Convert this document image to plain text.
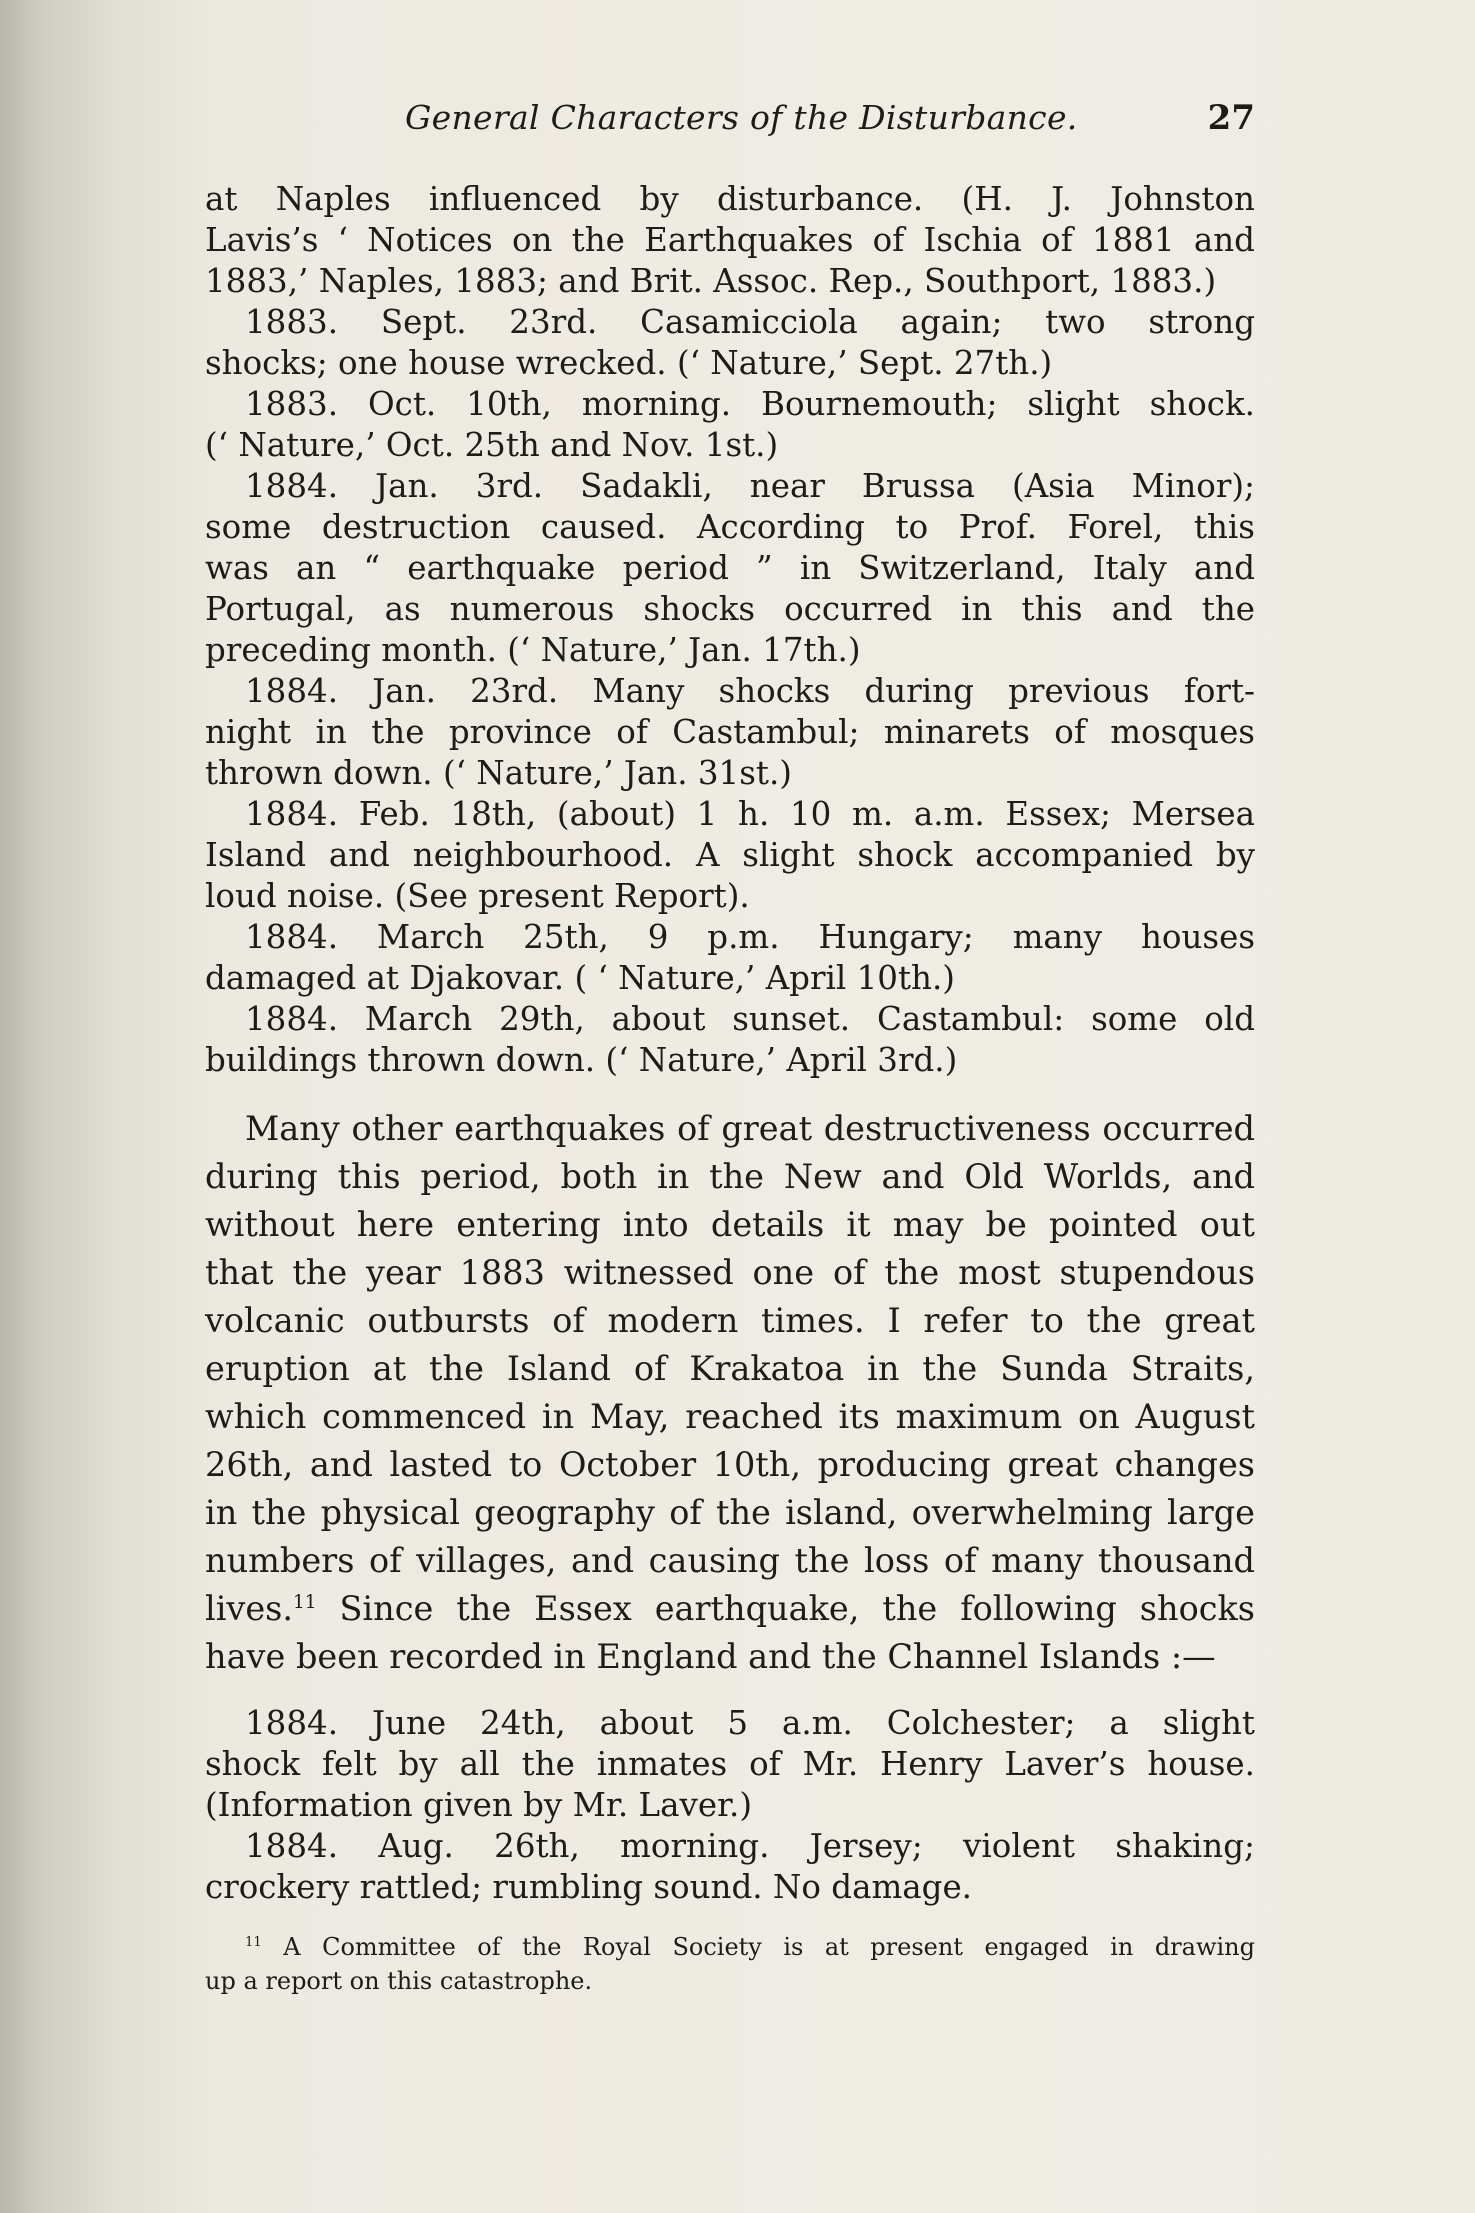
General Characters of the Disturbance.	27
at Naples influenced by disturbance. (H. J. Johnston
Lavis’s ‘ Notices on the Earthquakes of Ischia of 1881 and
1883,’ Naples, 1883; and Brit. Assoc. Rep., Southport, 1883.)
1883. Sept. 23rd. Casamicciola again; two strong
shocks; one house wrecked. (‘ Nature,’ Sept. 27th.)
1883. Oct. 10th, morning. Bournemouth; slight shock.
(‘ Nature,’ Oct. 25th and Nov. 1st.)
1884. Jan. 3rd. Sadakli, near Brussa (Asia Minor);
some destruction caused. According to Prof. Forel, this
was an “ earthquake period ” in Switzerland, Italy and
Portugal, as numerous shocks occurred in this and the
preceding month. (‘ Nature,’ Jan. 17th.)
1884. Jan. 23rd. Many shocks during previous fort-
night in the province of Castambul; minarets of mosques
thrown down. (‘ Nature,’ Jan. 31st.)
1884. Feb. 18th, (about) 1 h. 10 m. a.m. Essex; Mersea
Island and neighbourhood. A slight shock accompanied by
loud noise. (See present Report).
1884. March 25th, 9 p.m. Hungary; many houses
damaged at Djakovar. ( ‘ Nature,’ April 10th.)
1884. March 29th, about sunset. Castambul: some old
buildings thrown down. (‘ Nature,’ April 3rd.)
Many other earthquakes of great destructiveness occurred
during this period, both in the New and Old Worlds, and
without here entering into details it may be pointed out
that the year 1883 witnessed one of the most stupendous
volcanic outbursts of modern times. I refer to the great
eruption at the Island of Krakatoa in the Sunda Straits,
which commenced in May, reached its maximum on August
26th, and lasted to October 10th, producing great changes
in the physical geography of the island, overwhelming large
numbers of villages, and causing the loss of many thousand
lives.$^{11}$ Since the Essex earthquake, the following shocks
have been recorded in England and the Channel Islands :—
1884. June 24th, about 5 a.m. Colchester; a slight
shock felt by all the inmates of Mr. Henry Laver’s house.
(Information given by Mr. Laver.)
1884. Aug. 26th, morning. Jersey; violent shaking;
crockery rattled; rumbling sound. No damage.
$^{11}$ A Committee of the Royal Society is at present engaged in drawing
up a report on this catastrophe.
